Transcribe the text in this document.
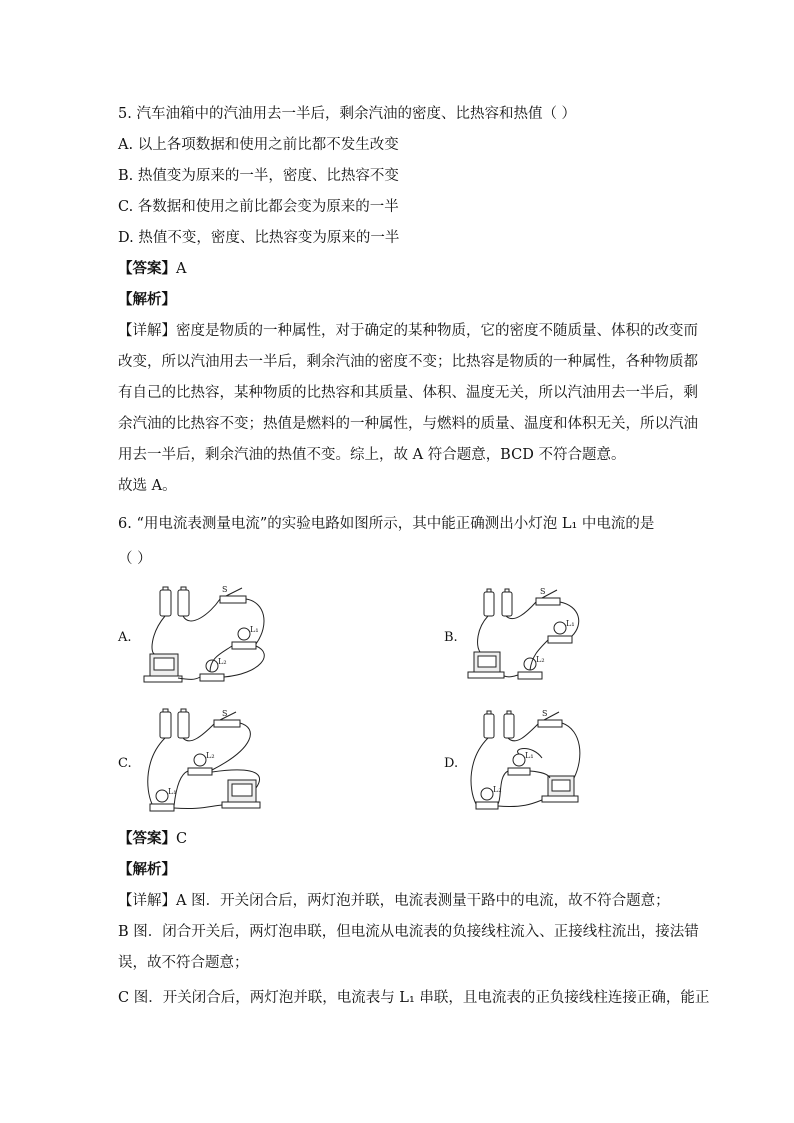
5. 汽车油箱中的汽油用去一半后，剩余汽油的密度、比热容和热值（ ）
A. 以上各项数据和使用之前比都不发生改变
B. 热值变为原来的一半，密度、比热容不变
C. 各数据和使用之前比都会变为原来的一半
D. 热值不变，密度、比热容变为原来的一半
【答案】A
【解析】
【详解】密度是物质的一种属性，对于确定的某种物质，它的密度不随质量、体积的改变而
改变，所以汽油用去一半后，剩余汽油的密度不变；比热容是物质的一种属性，各种物质都
有自己的比热容，某种物质的比热容和其质量、体积、温度无关，所以汽油用去一半后，剩
余汽油的比热容不变；热值是燃料的一种属性，与燃料的质量、温度和体积无关，所以汽油
用去一半后，剩余汽油的热值不变。综上，故 A 符合题意，BCD 不符合题意。
故选 A。
6. “用电流表测量电流”的实验电路如图所示，其中能正确测出小灯泡 L₁ 中电流的是
（ ）
A.	B.
C.	D.
S
L₁
L₂
S
L₁
L₂
S
L₂
L₁
S
L₁
L₂
【答案】C
【解析】
【详解】A 图．开关闭合后，两灯泡并联，电流表测量干路中的电流，故不符合题意；
B 图．闭合开关后，两灯泡串联，但电流从电流表的负接线柱流入、正接线柱流出，接法错
误，故不符合题意；
C 图．开关闭合后，两灯泡并联，电流表与 L₁ 串联，且电流表的正负接线柱连接正确，能正
